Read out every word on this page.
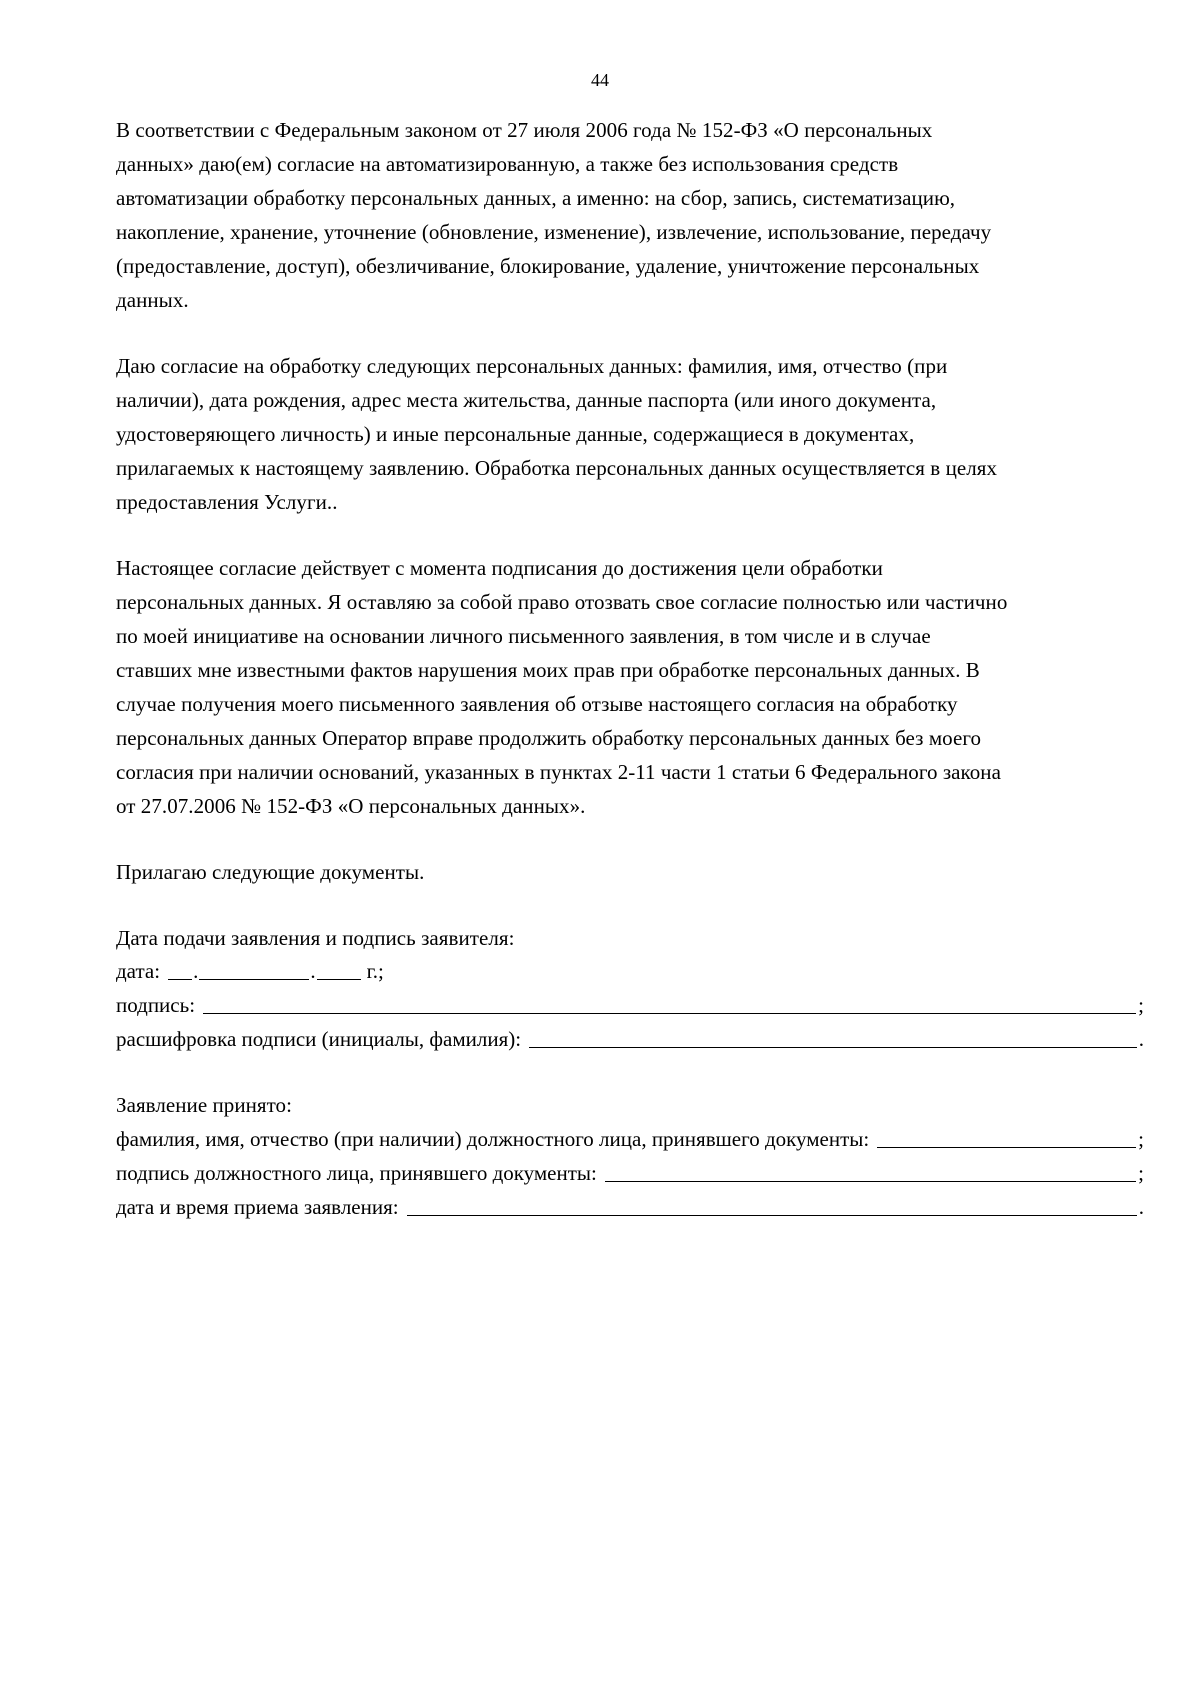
44
В соответствии с Федеральным законом от 27 июля 2006 года № 152-ФЗ «О персональных
данных» даю(ем) согласие на автоматизированную, а также без использования средств
автоматизации обработку персональных данных, а именно: на сбор, запись, систематизацию,
накопление, хранение, уточнение (обновление, изменение), извлечение, использование, передачу
(предоставление, доступ), обезличивание, блокирование, удаление, уничтожение персональных
данных.
Даю согласие на обработку следующих персональных данных: фамилия, имя, отчество (при
наличии), дата рождения, адрес места жительства, данные паспорта (или иного документа,
удостоверяющего личность) и иные персональные данные, содержащиеся в документах,
прилагаемых к настоящему заявлению. Обработка персональных данных осуществляется в целях
предоставления Услуги..
Настоящее согласие действует с момента подписания до достижения цели обработки
персональных данных. Я оставляю за собой право отозвать свое согласие полностью или частично
по моей инициативе на основании личного письменного заявления, в том числе и в случае
ставших мне известными фактов нарушения моих прав при обработке персональных данных. В
случае получения моего письменного заявления об отзыве настоящего согласия на обработку
персональных данных Оператор вправе продолжить обработку персональных данных без моего
согласия при наличии оснований, указанных в пунктах 2-11 части 1 статьи 6 Федерального закона
от 27.07.2006 № 152-ФЗ «О персональных данных».
Прилагаю следующие документы.
Дата подачи заявления и подпись заявителя:
дата: .	. г.;
подпись:	;
расшифровка подписи (инициалы, фамилия):	.
Заявление принято:
фамилия, имя, отчество (при наличии) должностного лица, принявшего документы:	;
подпись должностного лица, принявшего документы:	;
дата и время приема заявления:	.
